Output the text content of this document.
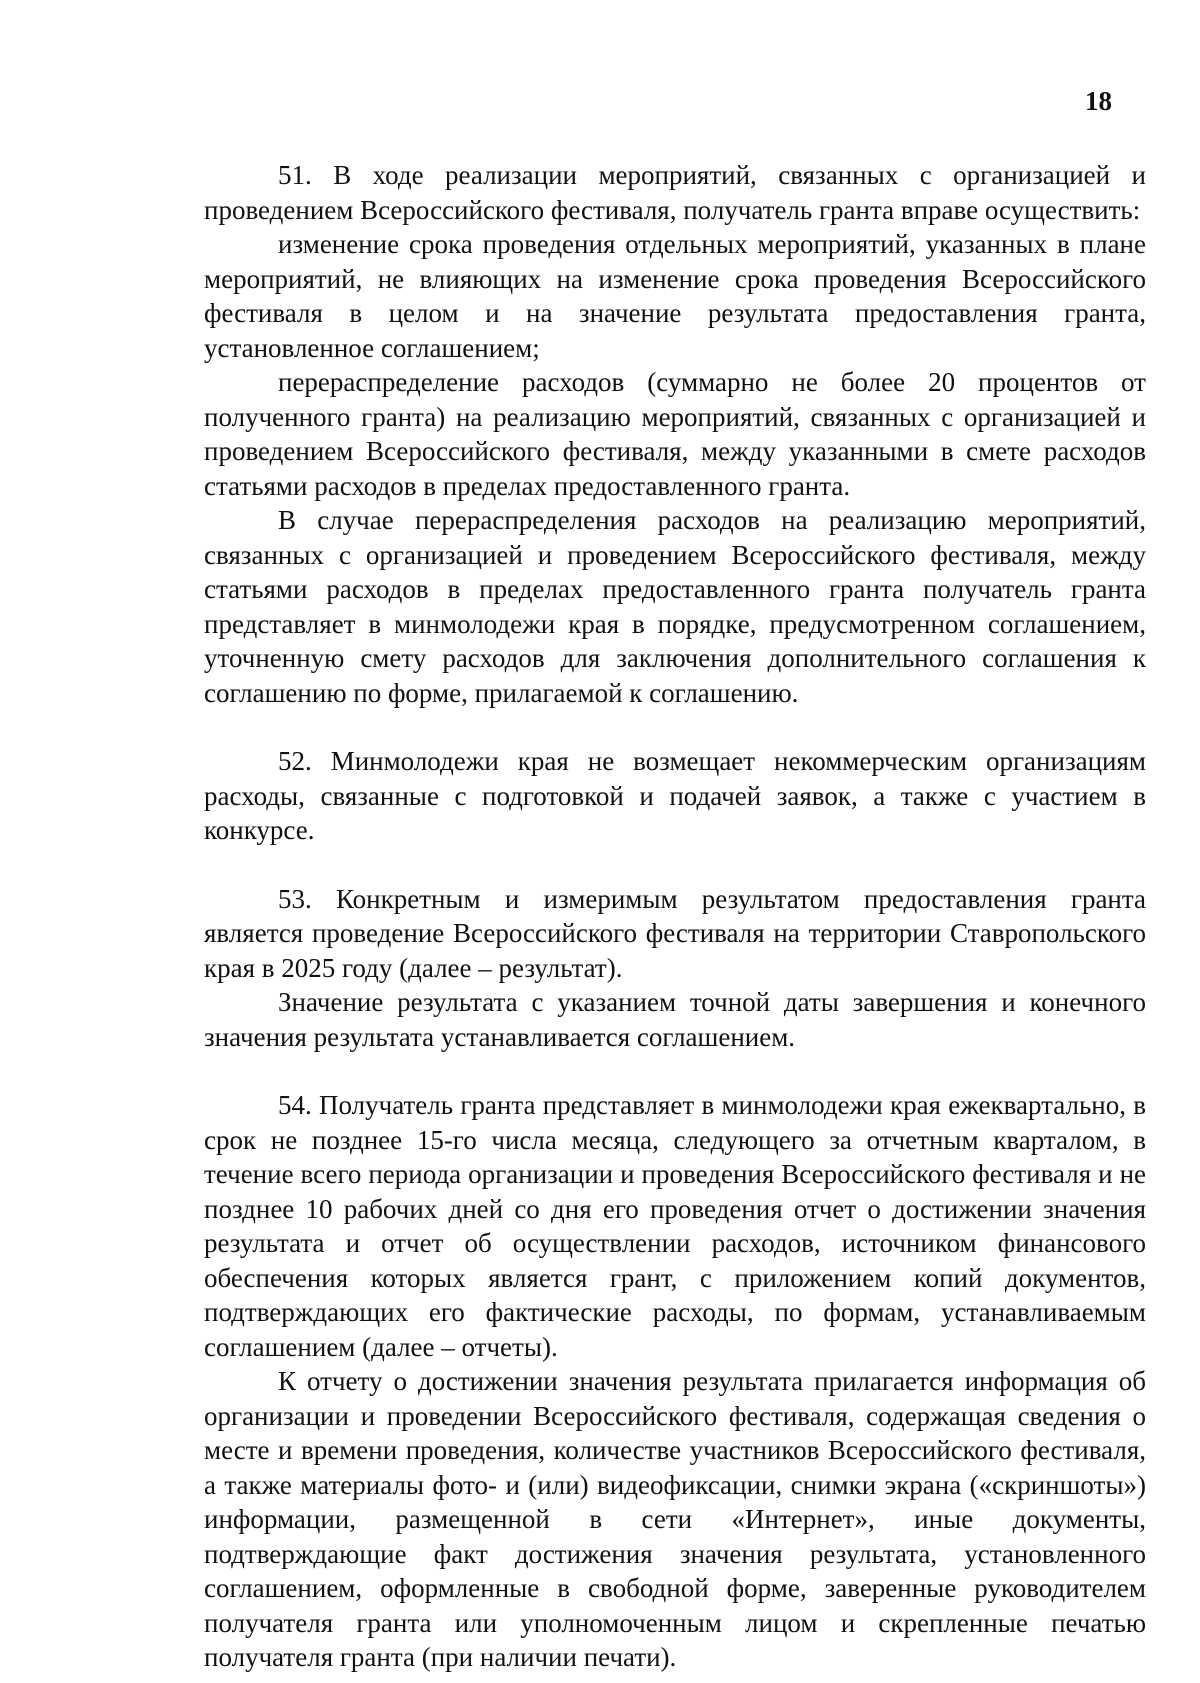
18

51. В ходе реализации мероприятий, связанных с организацией и проведением Всероссийского фестиваля, получатель гранта вправе осуществить:

изменение срока проведения отдельных мероприятий, указанных в плане мероприятий, не влияющих на изменение срока проведения Всероссийского фестиваля в целом и на значение результата предоставления гранта, установленное соглашением;

перераспределение расходов (суммарно не более 20 процентов от полученного гранта) на реализацию мероприятий, связанных с организацией и проведением Всероссийского фестиваля, между указанными в смете расходов статьями расходов в пределах предоставленного гранта.

В случае перераспределения расходов на реализацию мероприятий, связанных с организацией и проведением Всероссийского фестиваля, между статьями расходов в пределах предоставленного гранта получатель гранта представляет в минмолодежи края в порядке, предусмотренном соглашением, уточненную смету расходов для заключения дополнительного соглашения к соглашению по форме, прилагаемой к соглашению.

52. Минмолодежи края не возмещает некоммерческим организациям расходы, связанные с подготовкой и подачей заявок, а также с участием в конкурсе.

53. Конкретным и измеримым результатом предоставления гранта является проведение Всероссийского фестиваля на территории Ставропольского края в 2025 году (далее – результат).

Значение результата с указанием точной даты завершения и конечного значения результата устанавливается соглашением.

54. Получатель гранта представляет в минмолодежи края ежеквартально, в срок не позднее 15-го числа месяца, следующего за отчетным кварталом, в течение всего периода организации и проведения Всероссийского фестиваля и не позднее 10 рабочих дней со дня его проведения отчет о достижении значения результата и отчет об осуществлении расходов, источником финансового обеспечения которых является грант, с приложением копий документов, подтверждающих его фактические расходы, по формам, устанавливаемым соглашением (далее – отчеты).

К отчету о достижении значения результата прилагается информация об организации и проведении Всероссийского фестиваля, содержащая сведения о месте и времени проведения, количестве участников Всероссийского фестиваля, а также материалы фото- и (или) видеофиксации, снимки экрана («скриншоты») информации, размещенной в сети «Интернет», иные документы, подтверждающие факт достижения значения результата, установленного соглашением, оформленные в свободной форме, заверенные руководителем получателя гранта или уполномоченным лицом и скрепленные печатью получателя гранта (при наличии печати).
